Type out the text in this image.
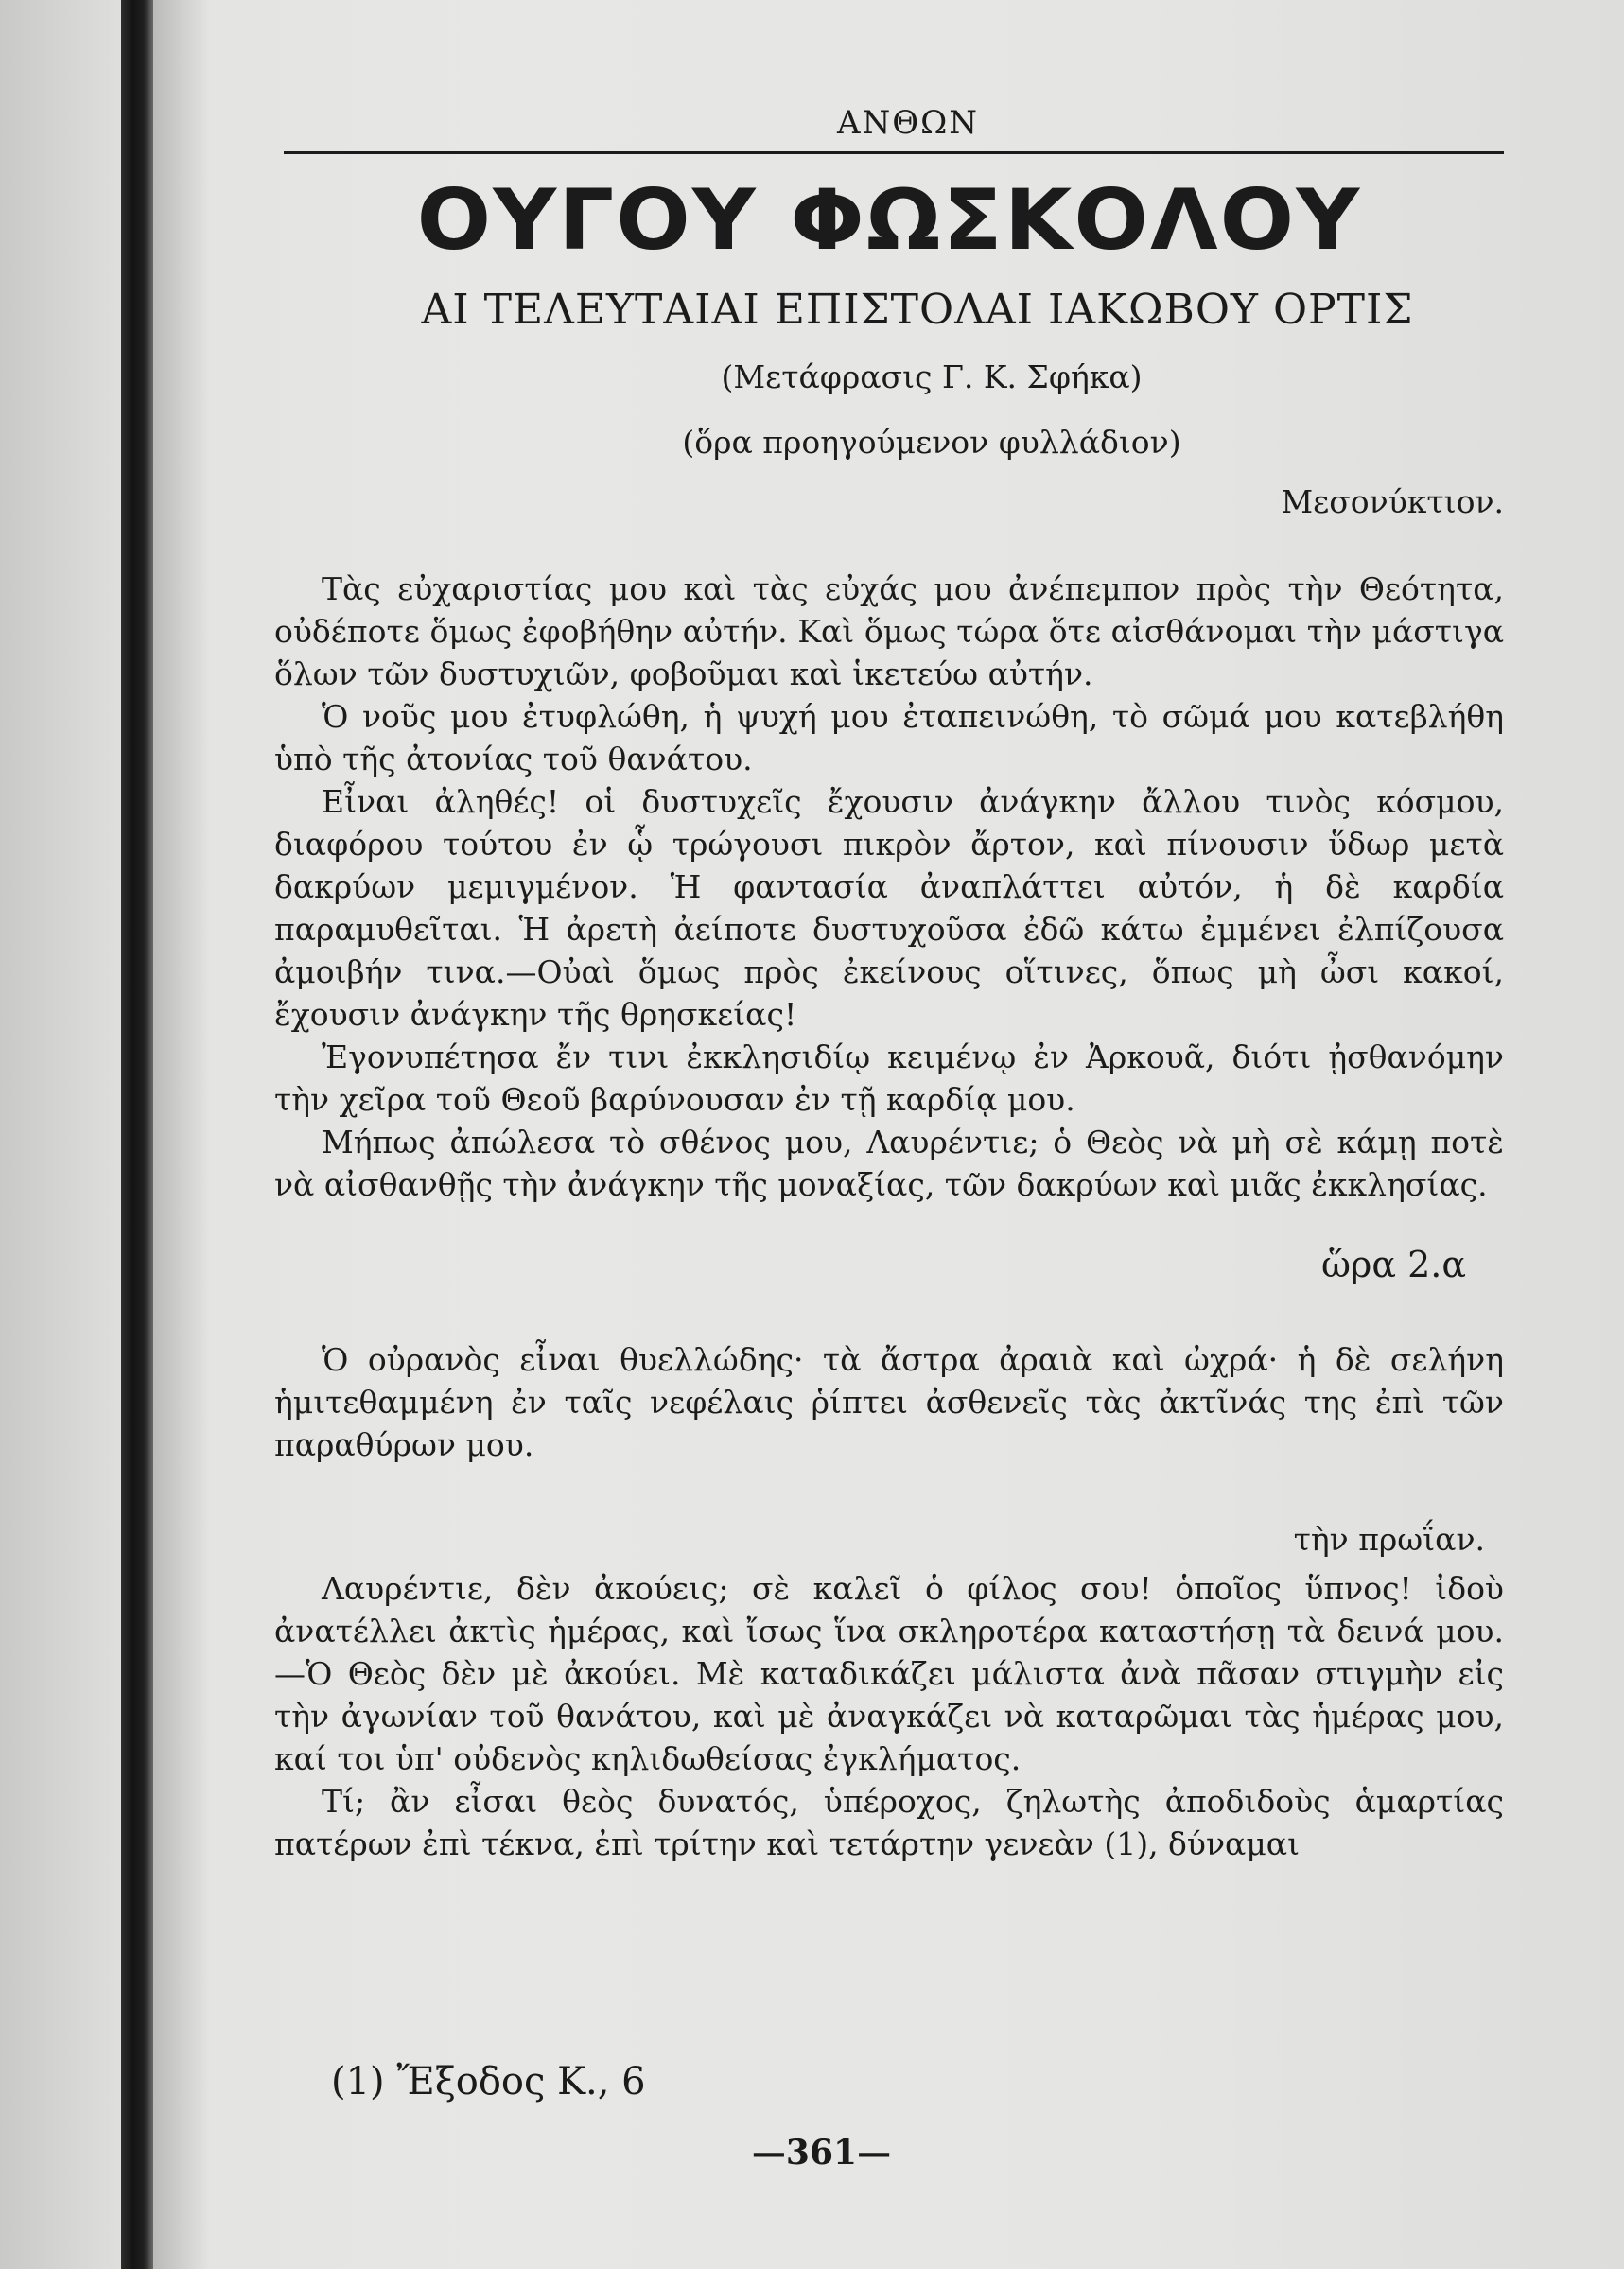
ΑΝΘΩΝ
ΟΥΓΟΥ ΦΩΣΚΟΛΟΥ
ΑΙ ΤΕΛΕΥΤΑΙΑΙ ΕΠΙΣΤΟΛΑΙ ΙΑΚΩΒΟΥ ΟΡΤΙΣ
(Μετάφρασις Γ. Κ. Σφήκα)
(ὅρα προηγούμενον φυλλάδιον)
Μεσονύκτιον.

Τὰς εὐχαριστίας μου καὶ τὰς εὐχάς μου ἀνέπεμπον πρὸς τὴν Θεότητα, οὐδέποτε ὅμως ἐφοβήθην αὐτήν. Καὶ ὅμως τώρα ὅτε αἰσθάνομαι τὴν μάστιγα ὅλων τῶν δυστυχιῶν, φοβοῦμαι καὶ ἱκετεύω αὐτήν.

Ὁ νοῦς μου ἐτυφλώθη, ἡ ψυχή μου ἐταπεινώθη, τὸ σῶμά μου κατεβλήθη ὑπὸ τῆς ἀτονίας τοῦ θανάτου.

Εἶναι ἀληθές! οἱ δυστυχεῖς ἔχουσιν ἀνάγκην ἄλλου τινὸς κόσμου, διαφόρου τούτου ἐν ᾧ τρώγουσι πικρὸν ἄρτον, καὶ πίνουσιν ὕδωρ μετὰ δακρύων μεμιγμένον. Ἡ φαντασία ἀναπλάττει αὐτόν, ἡ δὲ καρδία παραμυθεῖται. Ἡ ἀρετὴ ἀείποτε δυστυχοῦσα ἐδῶ κάτω ἐμμένει ἐλπίζουσα ἀμοιβήν τινα.—Οὐαὶ ὅμως πρὸς ἐκείνους οἵτινες, ὅπως μὴ ὦσι κακοί, ἔχουσιν ἀνάγκην τῆς θρησκείας!

Ἐγονυπέτησα ἔν τινι ἐκκλησιδίῳ κειμένῳ ἐν Ἀρκουᾶ, διότι ᾐσθανόμην τὴν χεῖρα τοῦ Θεοῦ βαρύνουσαν ἐν τῇ καρδίᾳ μου.

Μήπως ἀπώλεσα τὸ σθένος μου, Λαυρέντιε; ὁ Θεὸς νὰ μὴ σὲ κάμῃ ποτὲ νὰ αἰσθανθῇς τὴν ἀνάγκην τῆς μοναξίας, τῶν δακρύων καὶ μιᾶς ἐκκλησίας.

ὥρα 2.α

Ὁ οὐρανὸς εἶναι θυελλώδης· τὰ ἄστρα ἀραιὰ καὶ ὠχρά· ἡ δὲ σελήνη ἡμιτεθαμμένη ἐν ταῖς νεφέλαις ῥίπτει ἀσθενεῖς τὰς ἀκτῖνάς της ἐπὶ τῶν παραθύρων μου.

τὴν πρωΐαν.

Λαυρέντιε, δὲν ἀκούεις; σὲ καλεῖ ὁ φίλος σου! ὁποῖος ὕπνος! ἰδοὺ ἀνατέλλει ἀκτὶς ἡμέρας, καὶ ἴσως ἵνα σκληροτέρα καταστήσῃ τὰ δεινά μου.—Ὁ Θεὸς δὲν μὲ ἀκούει. Μὲ καταδικάζει μάλιστα ἀνὰ πᾶσαν στιγμὴν εἰς τὴν ἀγωνίαν τοῦ θανάτου, καὶ μὲ ἀναγκάζει νὰ καταρῶμαι τὰς ἡμέρας μου, καί τοι ὑπ' οὐδενὸς κηλιδωθείσας ἐγκλήματος.

Τί; ἂν εἶσαι θεὸς δυνατός, ὑπέροχος, ζηλωτὴς ἀποδιδοὺς ἁμαρτίας πατέρων ἐπὶ τέκνα, ἐπὶ τρίτην καὶ τετάρτην γενεὰν (1), δύναμαι

(1) Ἔξοδος Κ., 6
—361—
